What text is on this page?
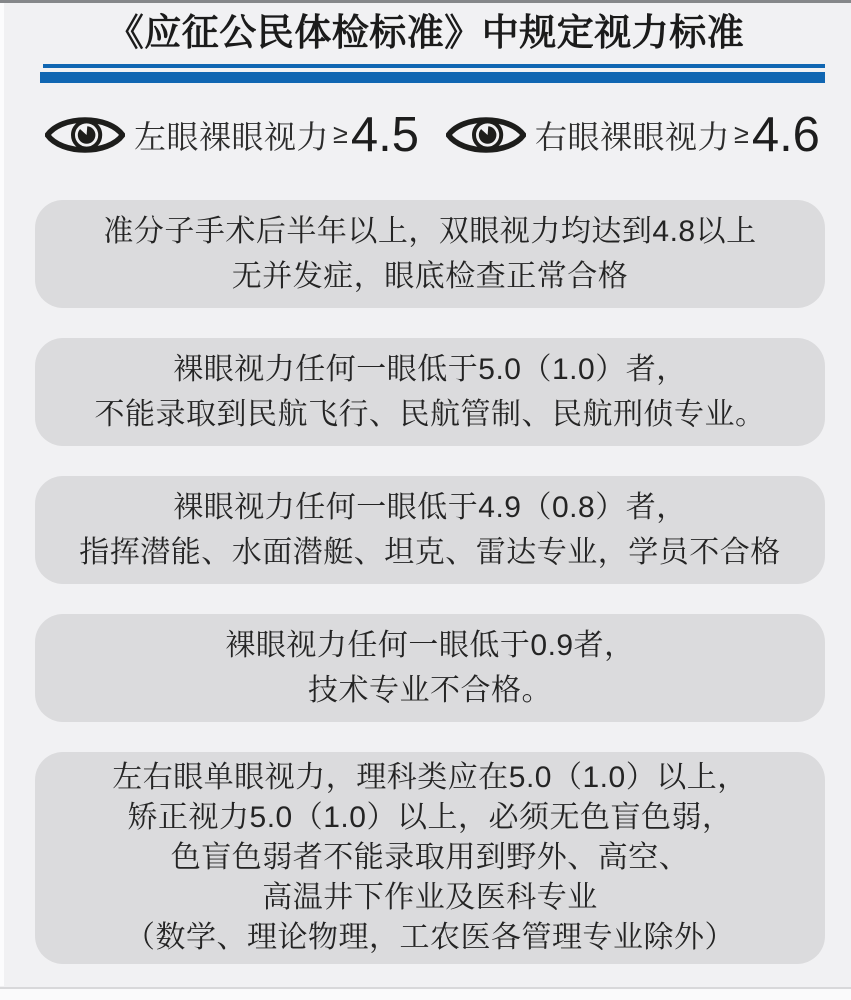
《应征公民体检标准》中规定视力标准
左眼裸眼视力 ≥ 4.5	右眼裸眼视力 ≥ 4.6
准分子手术后半年以上，双眼视力均达到4.8以上
无并发症，眼底检查正常合格
裸眼视力任何一眼低于5.0（1.0）者，
不能录取到民航飞行、民航管制、民航刑侦专业。
裸眼视力任何一眼低于4.9（0.8）者，
指挥潜能、水面潜艇、坦克、雷达专业，学员不合格
裸眼视力任何一眼低于0.9者，
技术专业不合格。
左右眼单眼视力，理科类应在5.0（1.0）以上，
矫正视力5.0（1.0）以上，必须无色盲色弱，
色盲色弱者不能录取用到野外、高空、
高温井下作业及医科专业
（数学、理论物理，工农医各管理专业除外）
